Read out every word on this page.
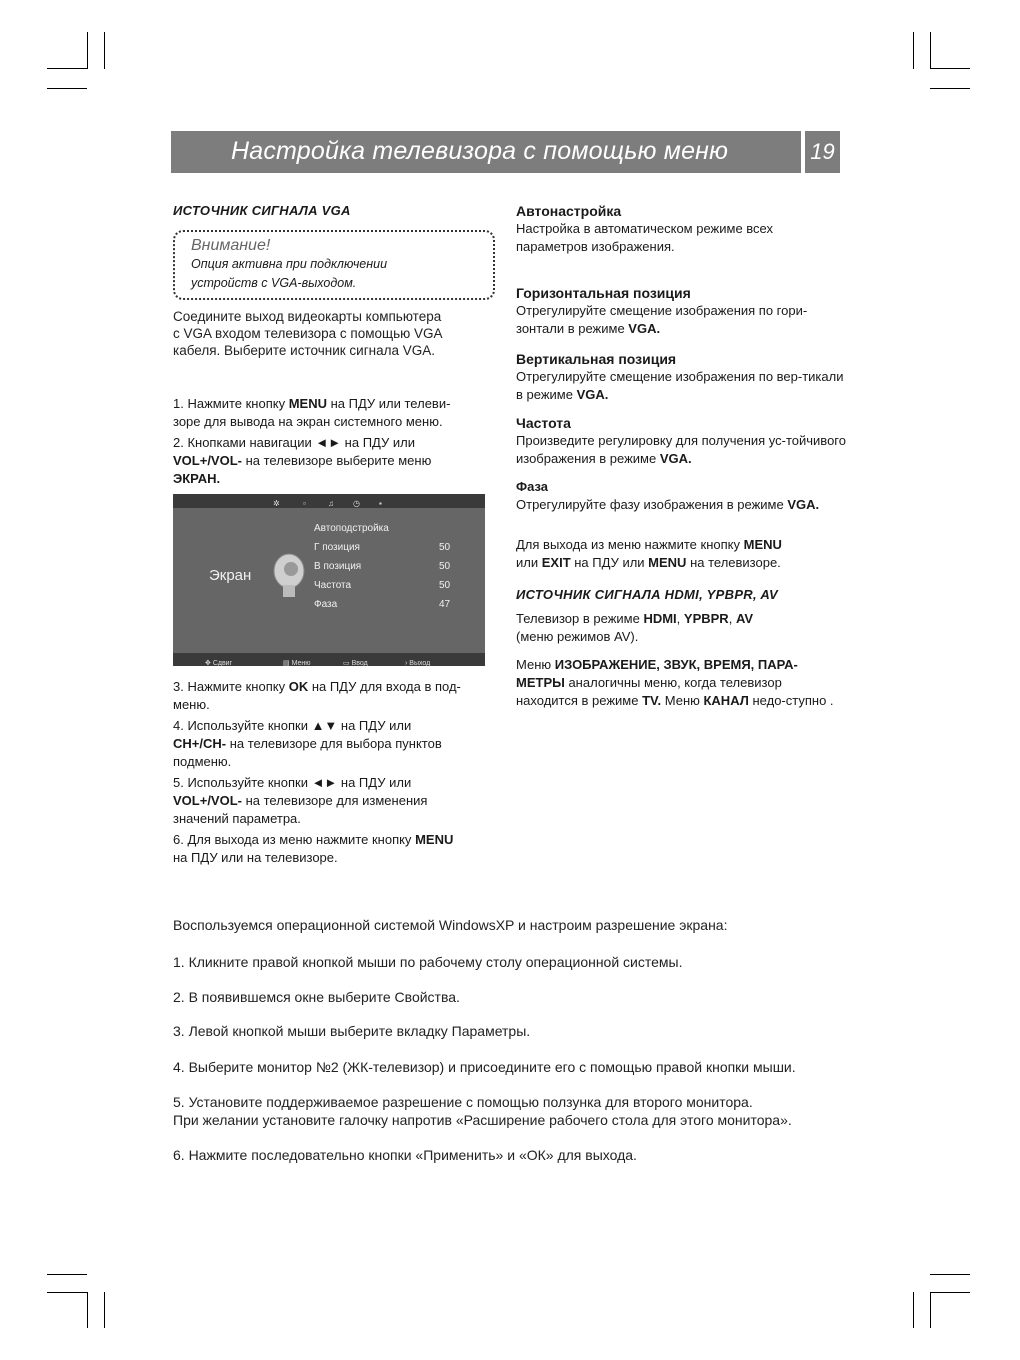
Настройка телевизора с помощью меню	19
ИСТОЧНИК СИГНАЛА VGA
Внимание!
Опция активна при подключении
устройств с VGA-выходом.
Соедините выход видеокарты компьютера
с VGA входом телевизора с помощью VGA
кабеля. Выберите источник сигнала VGA.
1. Нажмите кнопку MENU на ПДУ или телеви-
зоре для вывода на экран системного меню.
2. Кнопками навигации ◄► на ПДУ или
VOL+/VOL- на телевизоре выберите меню
ЭКРАН.
✲	▫	♫ ◷ ▪
Экран
Автоподстройка
Г позиция	50
В позиция	50
Частота	50
Фаза	47
✥ Сдвиг	▤ Меню	▭ Ввод	› Выход
3. Нажмите кнопку OK на ПДУ для входа в под-
меню.
4. Используйте кнопки ▲▼ на ПДУ или
CH+/CH- на телевизоре для выбора пунктов
подменю.
5. Используйте кнопки ◄► на ПДУ или
VOL+/VOL- на телевизоре для изменения
значений параметра.
6. Для выхода из меню нажмите кнопку MENU
на ПДУ или на телевизоре.
Автонастройка
Настройка в автоматическом режиме всех параметров изображения.
Горизонтальная позиция
Отрегулируйте смещение изображения по гори-зонтали в режиме VGA.
Вертикальная позиция
Отрегулируйте смещение изображения по вер-тикали в режиме VGA.
Частота
Произведите регулировку для получения ус-тойчивого изображения в режиме VGA.
Фаза
Отрегулируйте фазу изображения в режиме VGA.
Для выхода из меню нажмите кнопку MENU
или EXIT на ПДУ или MENU на телевизоре.
ИСТОЧНИК СИГНАЛА HDMI, YPBPR, AV
Телевизор в режиме HDMI, YPBPR, AV
(меню режимов AV).
Меню ИЗОБРАЖЕНИЕ, ЗВУК, ВРЕМЯ, ПАРА-МЕТРЫ аналогичны меню, когда телевизор находится в режиме TV. Меню КАНАЛ недо-ступно .
Воспользуемся операционной системой WindowsXP и настроим разрешение экрана:
1. Кликните правой кнопкой мыши по рабочему столу операционной системы.
2. В появившемся окне выберите Свойства.
3. Левой кнопкой мыши выберите вкладку Параметры.
4. Выберите монитор №2 (ЖК-телевизор) и присоедините его с помощью правой кнопки мыши.
5. Установите поддерживаемое разрешение с помощью ползунка для второго монитора.
При желании установите галочку напротив «Расширение рабочего стола для этого монитора».
6. Нажмите последовательно кнопки «Применить» и «ОК» для выхода.
